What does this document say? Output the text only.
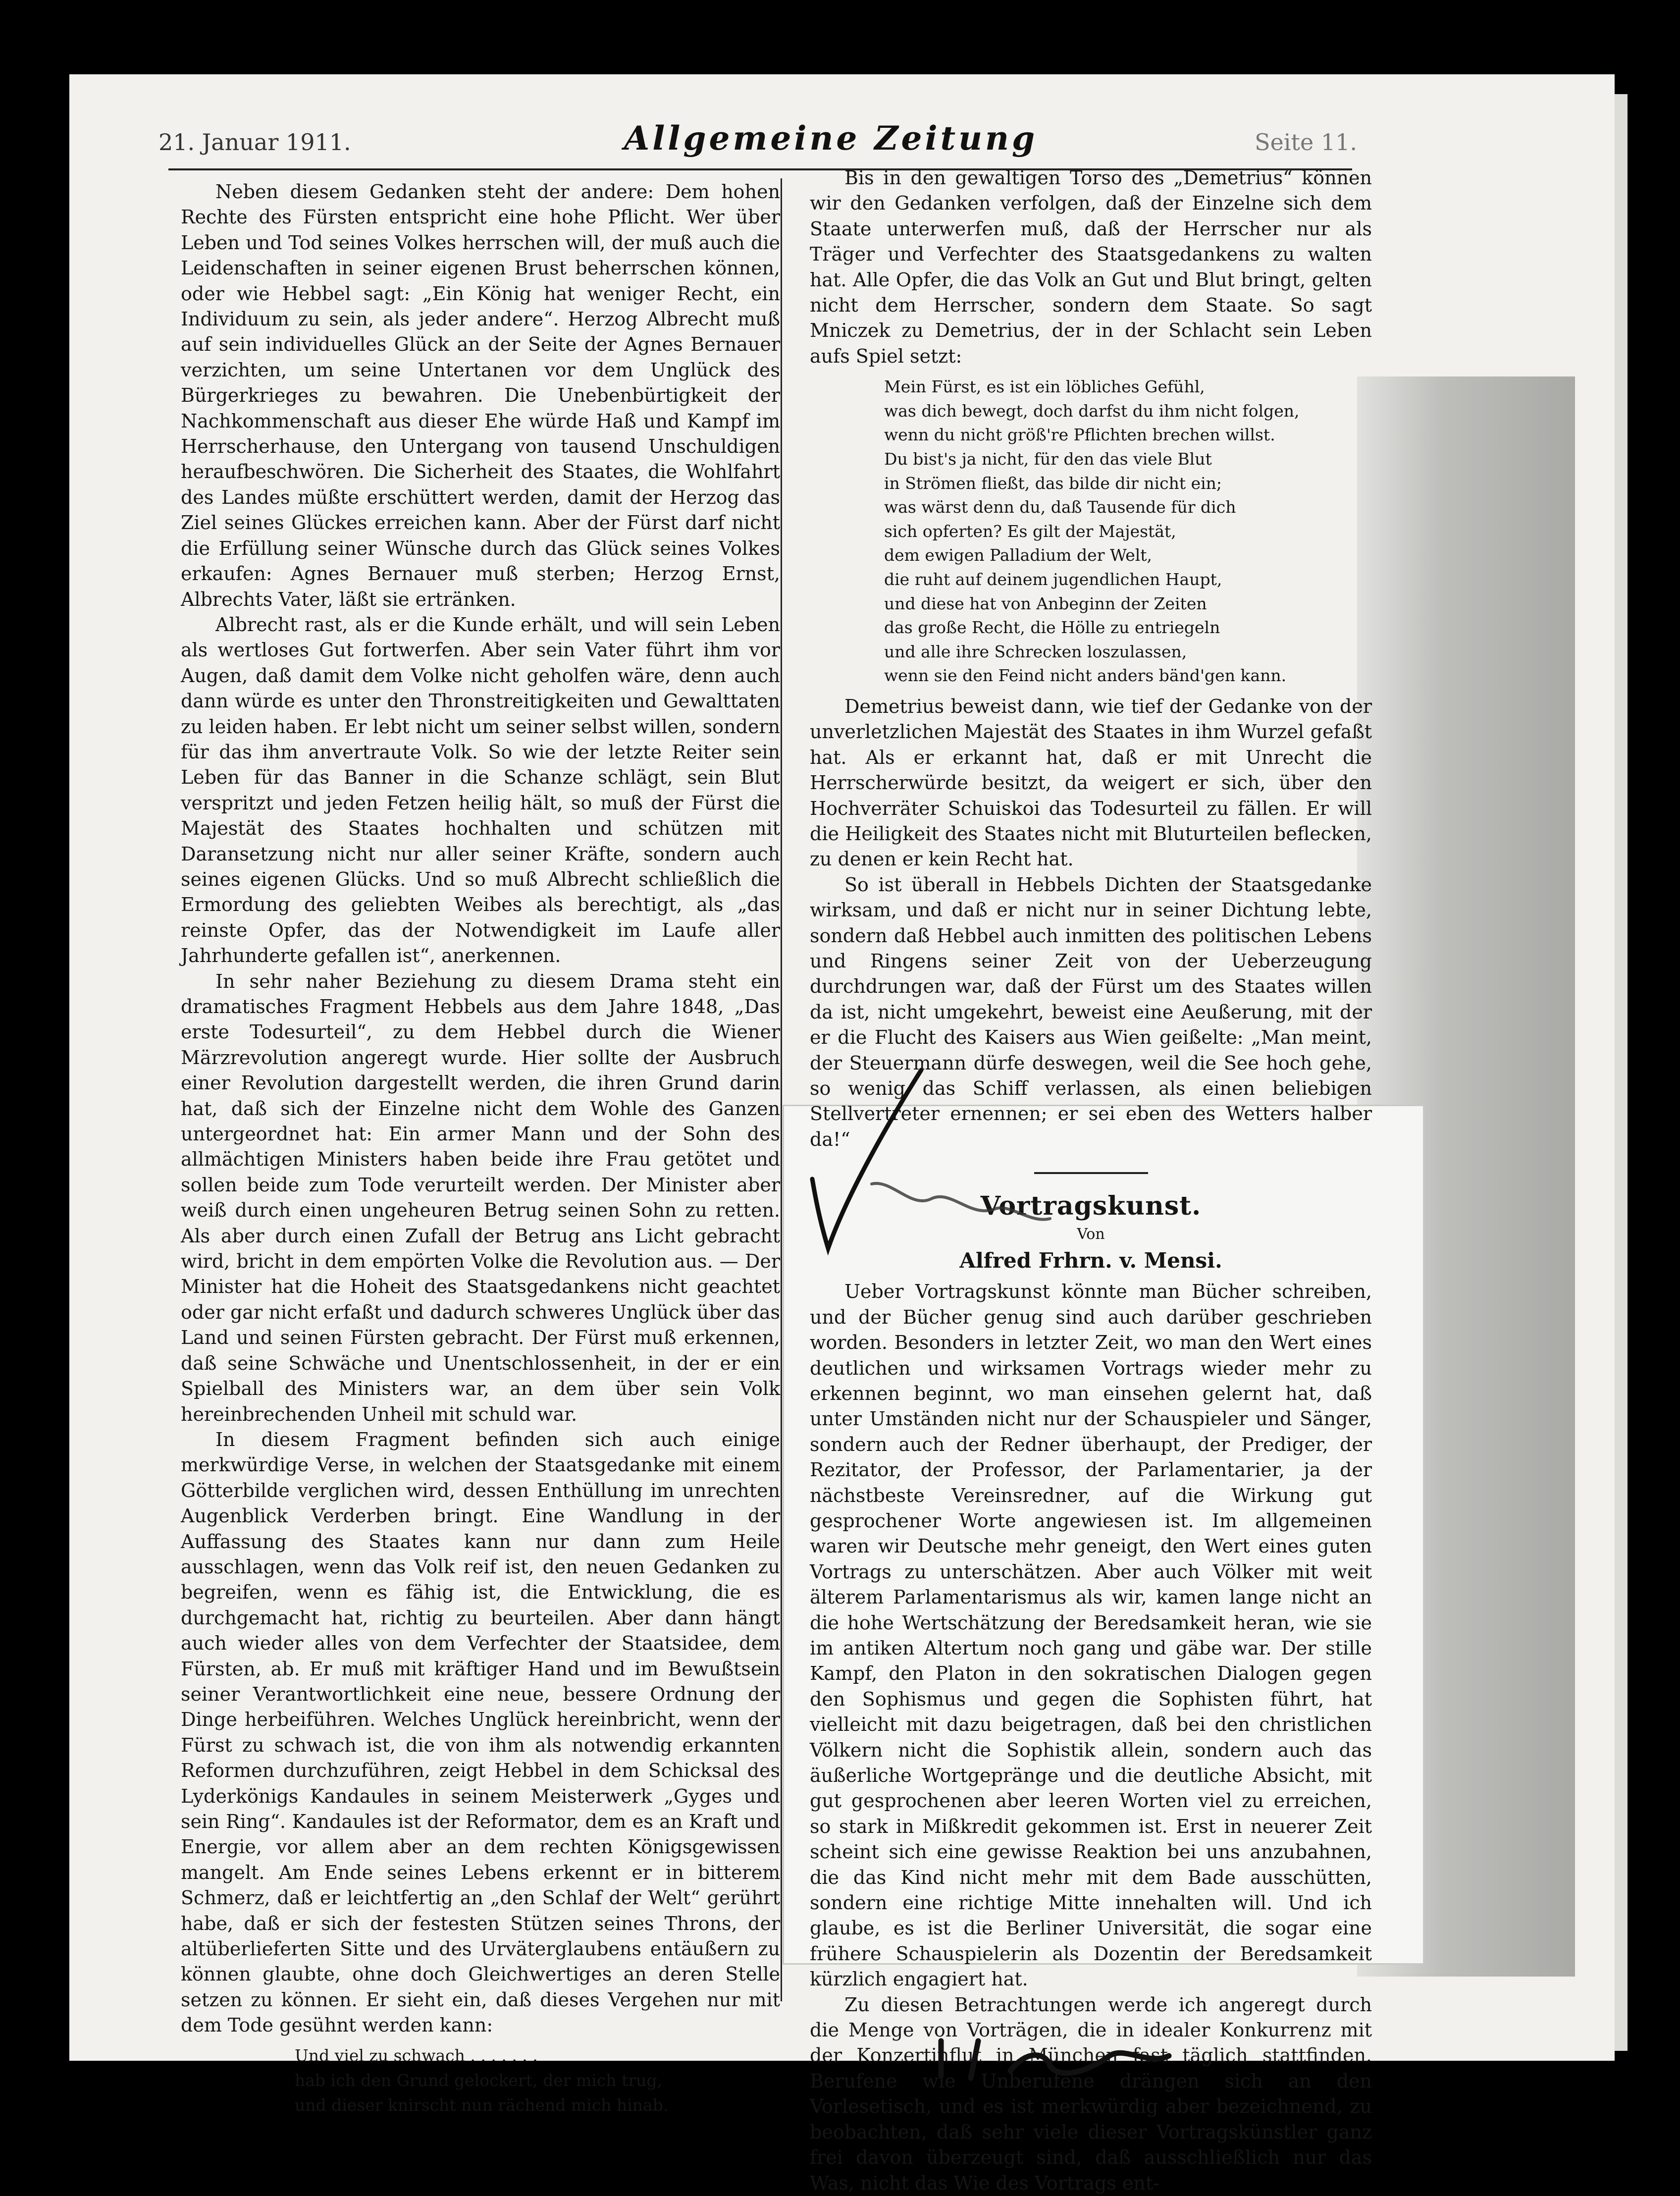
21. Januar 1911.	Allgemeine Zeitung	Seite 11.

Neben diesem Gedanken steht der andere: Dem hohen Rechte des Fürsten entspricht eine hohe Pflicht. Wer über Leben und Tod seines Volkes herrschen will, der muß auch die Leidenschaften in seiner eigenen Brust beherrschen können, oder wie Hebbel sagt: „Ein König hat weniger Recht, ein Individuum zu sein, als jeder andere“. Herzog Albrecht muß auf sein individuelles Glück an der Seite der Agnes Bernauer verzichten, um seine Untertanen vor dem Unglück des Bürgerkrieges zu bewahren. Die Unebenbürtigkeit der Nachkommenschaft aus dieser Ehe würde Haß und Kampf im Herrscherhause, den Untergang von tausend Unschuldigen heraufbeschwören. Die Sicherheit des Staates, die Wohlfahrt des Landes müßte erschüttert werden, damit der Herzog das Ziel seines Glückes erreichen kann. Aber der Fürst darf nicht die Erfüllung seiner Wünsche durch das Glück seines Volkes erkaufen: Agnes Bernauer muß sterben; Herzog Ernst, Albrechts Vater, läßt sie ertränken.

Albrecht rast, als er die Kunde erhält, und will sein Leben als wertloses Gut fortwerfen. Aber sein Vater führt ihm vor Augen, daß damit dem Volke nicht geholfen wäre, denn auch dann würde es unter den Thronstreitigkeiten und Gewalttaten zu leiden haben. Er lebt nicht um seiner selbst willen, sondern für das ihm anvertraute Volk. So wie der letzte Reiter sein Leben für das Banner in die Schanze schlägt, sein Blut verspritzt und jeden Fetzen heilig hält, so muß der Fürst die Majestät des Staates hochhalten und schützen mit Daransetzung nicht nur aller seiner Kräfte, sondern auch seines eigenen Glücks. Und so muß Albrecht schließlich die Ermordung des geliebten Weibes als berechtigt, als „das reinste Opfer, das der Notwendigkeit im Laufe aller Jahrhunderte gefallen ist“, anerkennen.

In sehr naher Beziehung zu diesem Drama steht ein dramatisches Fragment Hebbels aus dem Jahre 1848, „Das erste Todesurteil“, zu dem Hebbel durch die Wiener Märzrevolution angeregt wurde. Hier sollte der Ausbruch einer Revolution dargestellt werden, die ihren Grund darin hat, daß sich der Einzelne nicht dem Wohle des Ganzen untergeordnet hat: Ein armer Mann und der Sohn des allmächtigen Ministers haben beide ihre Frau getötet und sollen beide zum Tode verurteilt werden. Der Minister aber weiß durch einen ungeheuren Betrug seinen Sohn zu retten. Als aber durch einen Zufall der Betrug ans Licht gebracht wird, bricht in dem empörten Volke die Revolution aus. — Der Minister hat die Hoheit des Staatsgedankens nicht geachtet oder gar nicht erfaßt und dadurch schweres Unglück über das Land und seinen Fürsten gebracht. Der Fürst muß erkennen, daß seine Schwäche und Unentschlossenheit, in der er ein Spielball des Ministers war, an dem über sein Volk hereinbrechenden Unheil mit schuld war.

In diesem Fragment befinden sich auch einige merkwürdige Verse, in welchen der Staatsgedanke mit einem Götterbilde verglichen wird, dessen Enthüllung im unrechten Augenblick Verderben bringt. Eine Wandlung in der Auffassung des Staates kann nur dann zum Heile ausschlagen, wenn das Volk reif ist, den neuen Gedanken zu begreifen, wenn es fähig ist, die Entwicklung, die es durchgemacht hat, richtig zu beurteilen. Aber dann hängt auch wieder alles von dem Verfechter der Staatsidee, dem Fürsten, ab. Er muß mit kräftiger Hand und im Bewußtsein seiner Verantwortlichkeit eine neue, bessere Ordnung der Dinge herbeiführen. Welches Unglück hereinbricht, wenn der Fürst zu schwach ist, die von ihm als notwendig erkannten Reformen durchzuführen, zeigt Hebbel in dem Schicksal des Lyderkönigs Kandaules in seinem Meisterwerk „Gyges und sein Ring“. Kandaules ist der Reformator, dem es an Kraft und Energie, vor allem aber an dem rechten Königsgewissen mangelt. Am Ende seines Lebens erkennt er in bitterem Schmerz, daß er leichtfertig an „den Schlaf der Welt“ gerührt habe, daß er sich der festesten Stützen seines Throns, der altüberlieferten Sitte und des Urväterglaubens entäußern zu können glaubte, ohne doch Gleichwertiges an deren Stelle setzen zu können. Er sieht ein, daß dieses Vergehen nur mit dem Tode gesühnt werden kann:

Und viel zu schwach . . . . . . .
hab ich den Grund gelockert, der mich trug,
und dieser knirscht nun rächend mich hinab.

Bis in den gewaltigen Torso des „Demetrius“ können wir den Gedanken verfolgen, daß der Einzelne sich dem Staate unterwerfen muß, daß der Herrscher nur als Träger und Verfechter des Staatsgedankens zu walten hat. Alle Opfer, die das Volk an Gut und Blut bringt, gelten nicht dem Herrscher, sondern dem Staate. So sagt Mniczek zu Demetrius, der in der Schlacht sein Leben aufs Spiel setzt:

Mein Fürst, es ist ein löbliches Gefühl,
was dich bewegt, doch darfst du ihm nicht folgen,
wenn du nicht größ're Pflichten brechen willst.
Du bist's ja nicht, für den das viele Blut
in Strömen fließt, das bilde dir nicht ein;
was wärst denn du, daß Tausende für dich
sich opferten? Es gilt der Majestät,
dem ewigen Palladium der Welt,
die ruht auf deinem jugendlichen Haupt,
und diese hat von Anbeginn der Zeiten
das große Recht, die Hölle zu entriegeln
und alle ihre Schrecken loszulassen,
wenn sie den Feind nicht anders bänd'gen kann.

Demetrius beweist dann, wie tief der Gedanke von der unverletzlichen Majestät des Staates in ihm Wurzel gefaßt hat. Als er erkannt hat, daß er mit Unrecht die Herrscherwürde besitzt, da weigert er sich, über den Hochverräter Schuiskoi das Todesurteil zu fällen. Er will die Heiligkeit des Staates nicht mit Bluturteilen beflecken, zu denen er kein Recht hat.

So ist überall in Hebbels Dichten der Staatsgedanke wirksam, und daß er nicht nur in seiner Dichtung lebte, sondern daß Hebbel auch inmitten des politischen Lebens und Ringens seiner Zeit von der Ueberzeugung durchdrungen war, daß der Fürst um des Staates willen da ist, nicht umgekehrt, beweist eine Aeußerung, mit der er die Flucht des Kaisers aus Wien geißelte: „Man meint, der Steuermann dürfe deswegen, weil die See hoch gehe, so wenig das Schiff verlassen, als einen beliebigen Stellvertreter ernennen; er sei eben des Wetters halber da!“

Vortragskunst.
Von
Alfred Frhrn. v. Mensi.

Ueber Vortragskunst könnte man Bücher schreiben, und der Bücher genug sind auch darüber geschrieben worden. Besonders in letzter Zeit, wo man den Wert eines deutlichen und wirksamen Vortrags wieder mehr zu erkennen beginnt, wo man einsehen gelernt hat, daß unter Umständen nicht nur der Schauspieler und Sänger, sondern auch der Redner überhaupt, der Prediger, der Rezitator, der Professor, der Parlamentarier, ja der nächstbeste Vereinsredner, auf die Wirkung gut gesprochener Worte angewiesen ist. Im allgemeinen waren wir Deutsche mehr geneigt, den Wert eines guten Vortrags zu unterschätzen. Aber auch Völker mit weit älterem Parlamentarismus als wir, kamen lange nicht an die hohe Wertschätzung der Beredsamkeit heran, wie sie im antiken Altertum noch gang und gäbe war. Der stille Kampf, den Platon in den sokratischen Dialogen gegen den Sophismus und gegen die Sophisten führt, hat vielleicht mit dazu beigetragen, daß bei den christlichen Völkern nicht die Sophistik allein, sondern auch das äußerliche Wortgepränge und die deutliche Absicht, mit gut gesprochenen aber leeren Worten viel zu erreichen, so stark in Mißkredit gekommen ist. Erst in neuerer Zeit scheint sich eine gewisse Reaktion bei uns anzubahnen, die das Kind nicht mehr mit dem Bade ausschütten, sondern eine richtige Mitte innehalten will. Und ich glaube, es ist die Berliner Universität, die sogar eine frühere Schauspielerin als Dozentin der Beredsamkeit kürzlich engagiert hat.

Zu diesen Betrachtungen werde ich angeregt durch die Menge von Vorträgen, die in idealer Konkurrenz mit der Konzertinflut in München fast täglich stattfinden. Berufene wie Unberufene drängen sich an den Vorlesetisch, und es ist merkwürdig aber bezeichnend, zu beobachten, daß sehr viele dieser Vortragskünstler ganz frei davon überzeugt sind, daß ausschließlich nur das Was, nicht das Wie des Vortrags ent-
